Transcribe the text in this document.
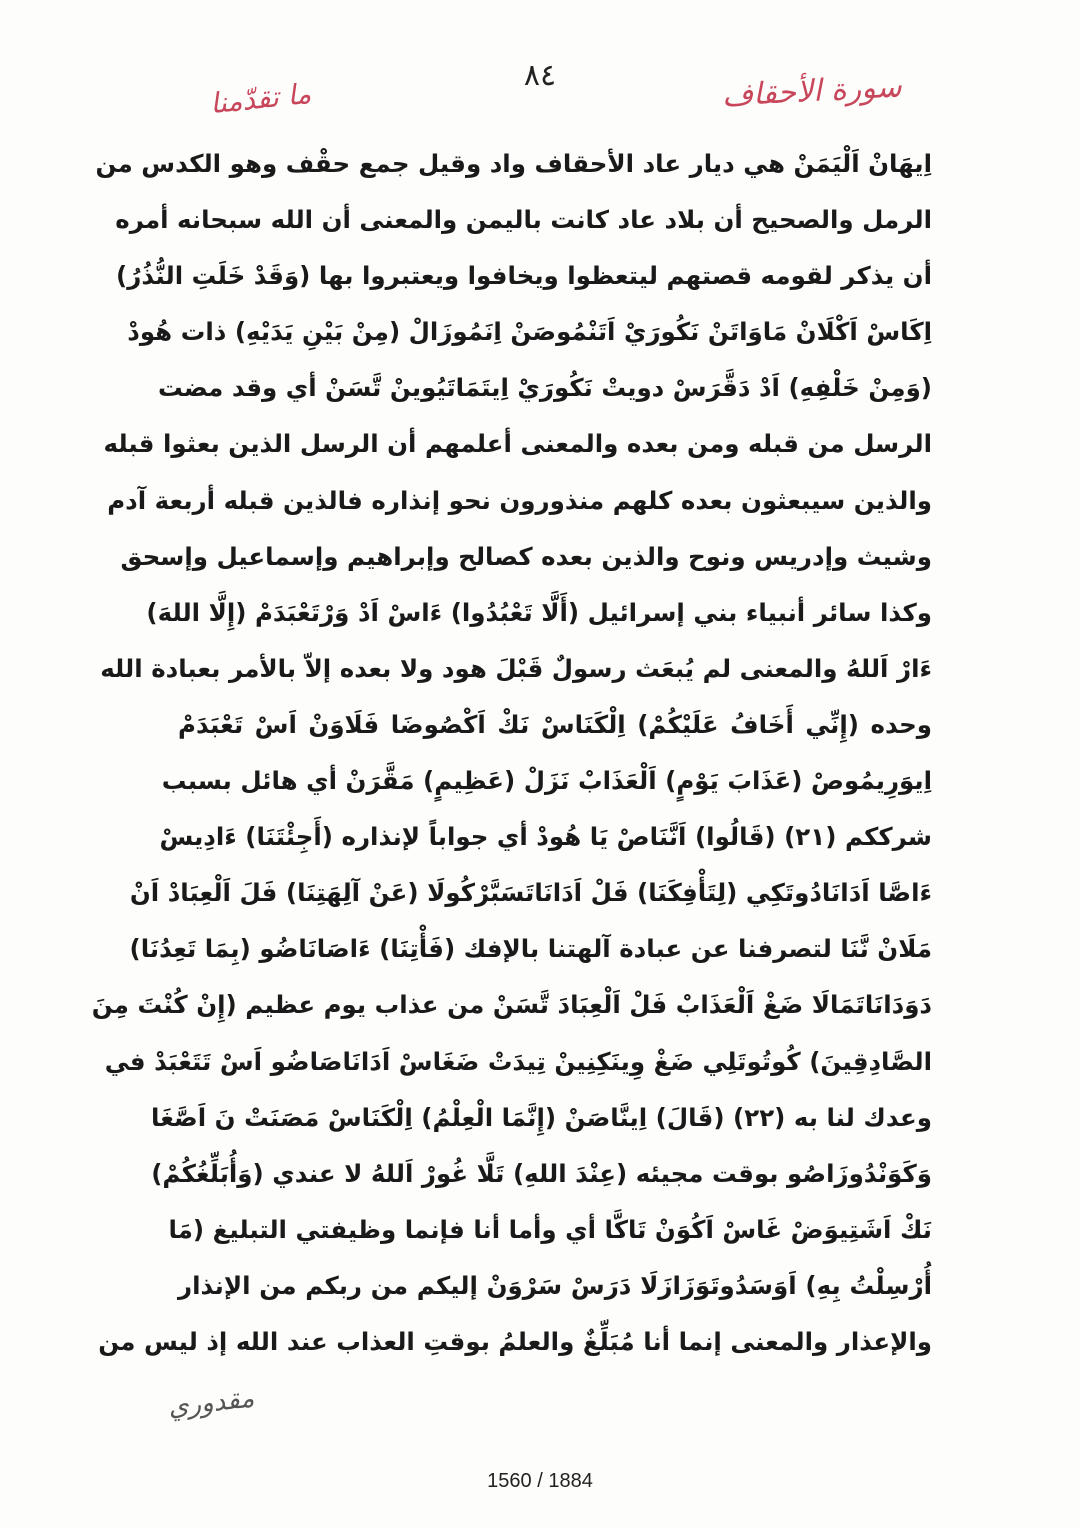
سورة الأحقاف
٨٤
ما تقدّمنا
اِيهَانْ اَلْيَمَنْ هي ديار عاد الأحقاف واد وقيل جمع حقْف وهو الكدس من
الرمل والصحيح أن بلاد عاد كانت باليمن والمعنى أن الله سبحانه أمره
أن يذكر لقومه قصتهم ليتعظوا ويخافوا ويعتبروا بها (وَقَدْ خَلَتِ النُّذُرُ)
اِكَاسْ اَكْلَانْ مَاوَاتَنْ نَكُورَيْ اَتَنْمُوصَنْ اِنَمُوزَالْ (مِنْ بَيْنِ يَدَيْهِ) ذات هُودْ
(وَمِنْ خَلْفِهِ) اَدْ دَقَّرَسْ دويتْ نَكُورَيْ اِيتَمَاتَيُوينْ تَّسَنْ أي وقد مضت
الرسل من قبله ومن بعده والمعنى أعلمهم أن الرسل الذين بعثوا قبله
والذين سيبعثون بعده كلهم منذورون نحو إنذاره فالذين قبله أربعة آدم
وشيث وإدريس ونوح والذين بعده كصالح وإبراهيم وإسماعيل وإسحق
وكذا سائر أنبياء بني إسرائيل (أَلَّا تَعْبُدُوا) ءَاسْ اَدْ وَرْتَعْبَدَمْ (إِلَّا اللهَ)
ءَارْ اَللهُ والمعنى لم يُبعَث رسولٌ قَبْلَ هود ولا بعده إلاّ بالأمر بعبادة الله
وحده (إِنِّي أَخَافُ عَلَيْكُمْ) اِلْكَنَاسْ نَكْ اَكْصُوضَا فَلَاوَنْ اَسْ تَعْبَدَمْ
اِيوَرِيمُوصْ (عَذَابَ يَوْمٍ) اَلْعَذَابْ نَزَلْ (عَظِيمٍ) مَقَّرَنْ أي هائل بسبب
شرككم (٢١) (قَالُوا) اَنَّنَاصْ يَا هُودْ أي جواباً لإنذاره (أَجِئْتَنَا) ءَادِيسْ
ءَاصَّا اَدَانَادُوتَكِي (لِتَأْفِكَنَا) فَلْ اَدَانَاتَسَبَّرْكُولَا (عَنْ آلِهَتِنَا) فَلَ اَلْعِبَادْ اَنْ
مَلَانْ نَّنَا لتصرفنا عن عبادة آلهتنا بالإفك (فَأْتِنَا) ءَاصَانَاضُو (بِمَا تَعِدُنَا)
دَوَدَانَاتَمَالَا ضَغْ اَلْعَذَابْ فَلْ اَلْعِبَادَ تَّسَنْ من عذاب يوم عظيم (إِنْ كُنْتَ مِنَ
الصَّادِقِينَ) كُوتُوتَلِي ضَغْ وِينَكِنِينْ تِيدَتْ ضَغَاسْ اَدَانَاصَاضُو اَسْ تَتَعْبَدْ في
وعدك لنا به (٢٢) (قَالَ) اِينَّاصَنْ (إِنَّمَا الْعِلْمُ) اِلْكَنَاسْ مَصَنَتْ نَ اَصَّغَا
وَكَوَنْدُوزَاصُو بوقت مجيئه (عِنْدَ اللهِ) تَلَّا غُورْ اَللهُ لا عندي (وَأُبَلِّغُكُمْ)
نَكْ اَشَتِيوَضْ غَاسْ اَكُوَنْ تَاكَّا أي وأما أنا فإنما وظيفتي التبليغ (مَا
أُرْسِلْتُ بِهِ) اَوَسَدُوتَوَزَازَلَا دَرَسْ سَرْوَنْ إليكم من ربكم من الإنذار
والإعذار والمعنى إنما أنا مُبَلِّغٌ والعلمُ بوقتِ العذاب عند الله إذ ليس من
مقدوري
1560 / 1884
